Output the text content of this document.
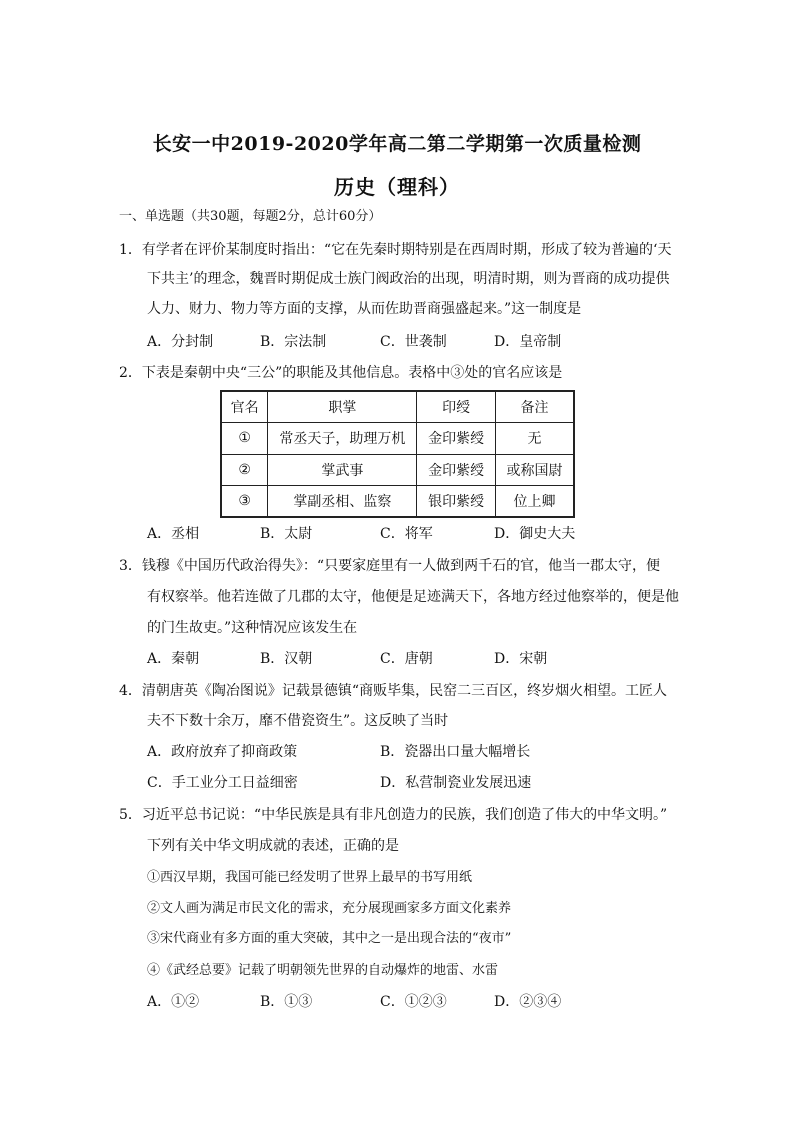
长安一中2019-2020学年高二第二学期第一次质量检测
历史（理科）
一、单选题（共30题，每题2分，总计60分）
1．有学者在评价某制度时指出：“它在先秦时期特别是在西周时期，形成了较为普遍的‘天
下共主’的理念，魏晋时期促成士族门阀政治的出现，明清时期，则为晋商的成功提供
人力、财力、物力等方面的支撑，从而佐助晋商强盛起来。”这一制度是
A．分封制	B．宗法制	C．世袭制	D．皇帝制
2．下表是秦朝中央“三公”的职能及其他信息。表格中③处的官名应该是
官名	职掌	印绶	备注
①	常丞天子，助理万机	金印紫绶	无
②	掌武事	金印紫绶	或称国尉
③	掌副丞相、监察	银印紫绶	位上卿
A．丞相	B．太尉	C．将军	D．御史大夫
3．钱穆《中国历代政治得失》：“只要家庭里有一人做到两千石的官，他当一郡太守，便
有权察举。他若连做了几郡的太守，他便是足迹满天下，各地方经过他察举的，便是他
的门生故吏。”这种情况应该发生在
A．秦朝	B．汉朝	C．唐朝	D．宋朝
4．清朝唐英《陶冶图说》记载景德镇“商贩毕集，民窑二三百区，终岁烟火相望。工匠人
夫不下数十余万，靡不借瓷资生”。这反映了当时
A．政府放弃了抑商政策	B．瓷器出口量大幅增长
C．手工业分工日益细密	D．私营制瓷业发展迅速
5．习近平总书记说：“中华民族是具有非凡创造力的民族，我们创造了伟大的中华文明。”
下列有关中华文明成就的表述，正确的是
①西汉早期，我国可能已经发明了世界上最早的书写用纸
②文人画为满足市民文化的需求，充分展现画家多方面文化素养
③宋代商业有多方面的重大突破，其中之一是出现合法的“夜市”
④《武经总要》记载了明朝领先世界的自动爆炸的地雷、水雷
A．①②	B．①③	C．①②③	D．②③④
